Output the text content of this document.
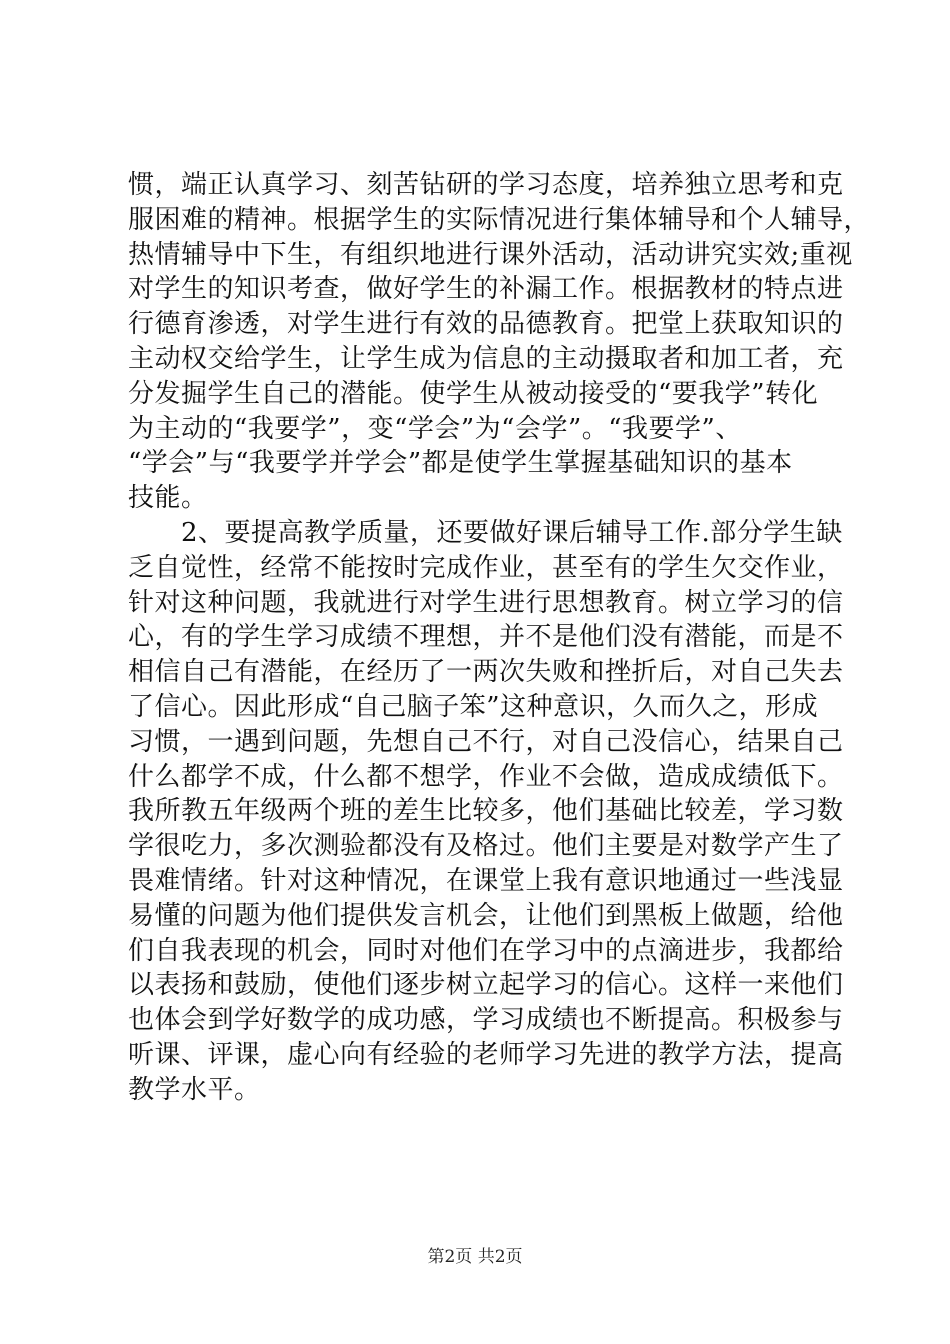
惯，端正认真学习、刻苦钻研的学习态度，培养独立思考和克
服困难的精神。根据学生的实际情况进行集体辅导和个人辅导，
热情辅导中下生，有组织地进行课外活动，活动讲究实效;重视
对学生的知识考查，做好学生的补漏工作。根据教材的特点进
行德育渗透，对学生进行有效的品德教育。把堂上获取知识的
主动权交给学生，让学生成为信息的主动摄取者和加工者，充
分发掘学生自己的潜能。使学生从被动接受的“要我学”转化
为主动的“我要学”，变“学会”为“会学”。“我要学”、
“学会”与“我要学并学会”都是使学生掌握基础知识的基本
技能。
　　2、要提高教学质量，还要做好课后辅导工作.部分学生缺
乏自觉性，经常不能按时完成作业，甚至有的学生欠交作业，
针对这种问题，我就进行对学生进行思想教育。树立学习的信
心，有的学生学习成绩不理想，并不是他们没有潜能，而是不
相信自己有潜能，在经历了一两次失败和挫折后，对自己失去
了信心。因此形成“自己脑子笨”这种意识，久而久之，形成
习惯，一遇到问题，先想自己不行，对自己没信心，结果自己
什么都学不成，什么都不想学，作业不会做，造成成绩低下。
我所教五年级两个班的差生比较多，他们基础比较差，学习数
学很吃力，多次测验都没有及格过。他们主要是对数学产生了
畏难情绪。针对这种情况，在课堂上我有意识地通过一些浅显
易懂的问题为他们提供发言机会，让他们到黑板上做题，给他
们自我表现的机会，同时对他们在学习中的点滴进步，我都给
以表扬和鼓励，使他们逐步树立起学习的信心。这样一来他们
也体会到学好数学的成功感，学习成绩也不断提高。积极参与
听课、评课，虚心向有经验的老师学习先进的教学方法，提高
教学水平。
第2页 共2页
